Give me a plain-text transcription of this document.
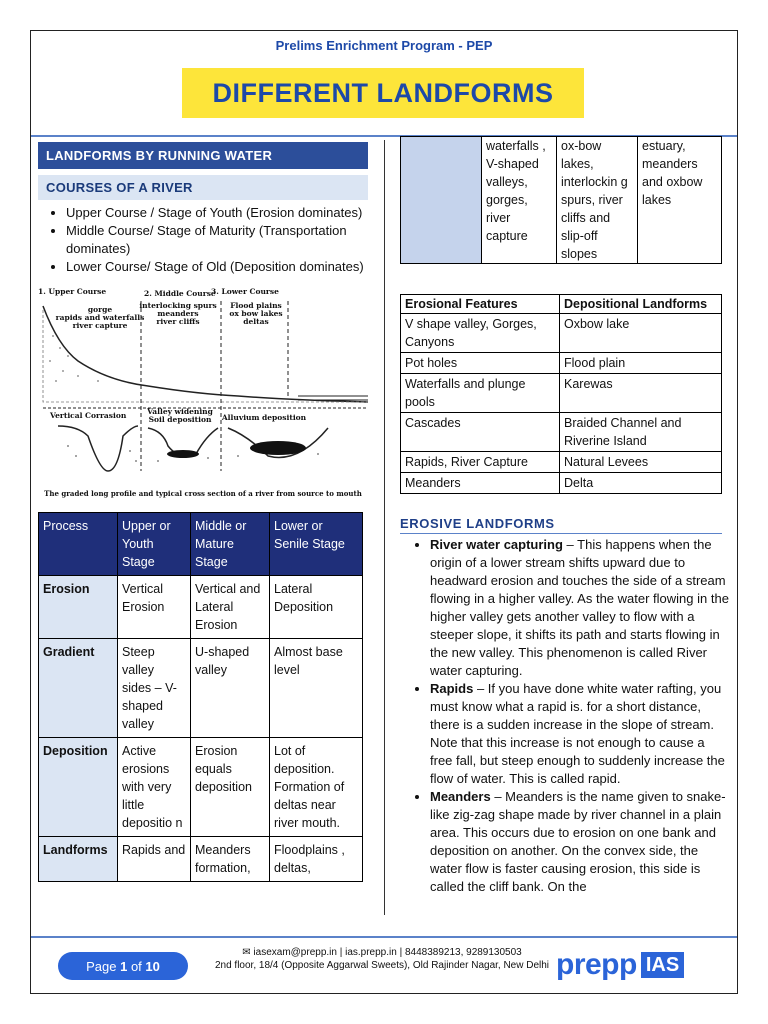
Prelims Enrichment Program - PEP
DIFFERENT LANDFORMS
LANDFORMS BY RUNNING WATER
COURSES OF A RIVER
• Upper Course / Stage of Youth (Erosion dominates)
• Middle Course/ Stage of Maturity (Transportation dominates)
• Lower Course/ Stage of Old (Deposition dominates)
1. Upper Course	2. Middle Course
3. Lower Course
gorge
rapids and waterfalls
river capture
interlocking spurs
meanders
river cliffs
Flood plains
ox bow lakes
deltas
Vertical Corrasion	Valley widening
Soil deposition Alluvium deposition
The graded long profile and typical cross section of a river from source to mouth
Process	Upper or Youth Stage	Middle or Mature Stage	Lower or Senile Stage
Erosion	Vertical Erosion	Vertical and Lateral Erosion	Lateral Deposition
Gradient	Steep valley sides – V-shaped valley	U-shaped valley	Almost base level
Deposition	Active erosions with very little depositio n	Erosion equals deposition	Lot of deposition. Formation of deltas near river mouth.
Landforms	Rapids and	Meanders formation,	Floodplains , deltas,
	waterfalls , V-shaped valleys, gorges, river capture	ox-bow lakes, interlockin g spurs, river cliffs and slip-off slopes	estuary, meanders and oxbow lakes
Erosional Features	Depositional Landforms
V shape valley, Gorges, Canyons	Oxbow lake
Pot holes	Flood plain
Waterfalls and plunge pools	Karewas
Cascades	Braided Channel and Riverine Island
Rapids, River Capture	Natural Levees
Meanders	Delta
EROSIVE LANDFORMS
• River water capturing – This happens when the origin of a lower stream shifts upward due to headward erosion and touches the side of a stream flowing in a higher valley. As the water flowing in the higher valley gets another valley to flow with a steeper slope, it shifts its path and starts flowing in the new valley. This phenomenon is called River water capturing.
• Rapids – If you have done white water rafting, you must know what a rapid is. for a short distance, there is a sudden increase in the slope of stream. Note that this increase is not enough to cause a free fall, but steep enough to suddenly increase the flow of water. This is called rapid.
• Meanders – Meanders is the name given to snake-like zig-zag shape made by river channel in a plain area. This occurs due to erosion on one bank and deposition on another. On the convex side, the water flow is faster causing erosion, this side is called the cliff bank. On the
Page
1
of
10
✉ iasexam@prepp.in | ias.prepp.in | 8448389213, 9289130503
2nd floor, 18/4 (Opposite Aggarwal Sweets), Old Rajinder Nagar, New Delhi prepp IAS
